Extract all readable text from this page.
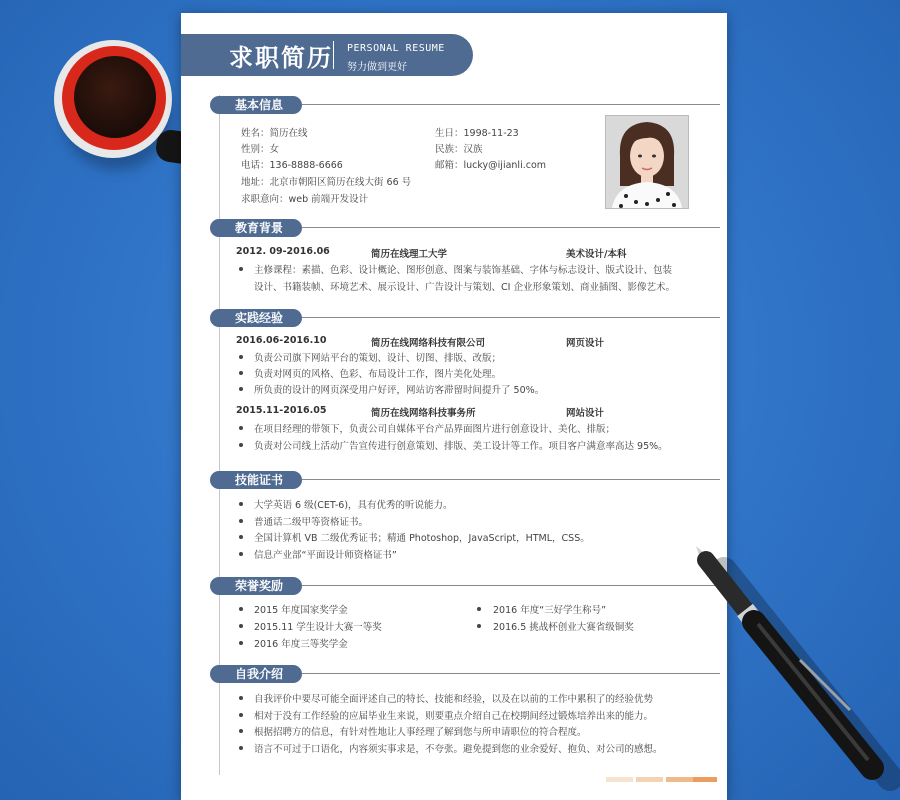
求职简历 PERSONAL RESUME
努力做到更好
基本信息
姓名：简历在线	生日：1998-11-23
性别：女	民族：汉族
电话：136-8888-6666	邮箱：lucky@ijianli.com
地址：北京市朝阳区简历在线大街 66 号
求职意向：web 前端开发设计
教育背景
2012. 09-2016.06	简历在线理工大学	美术设计/本科
主修课程：素描、色彩、设计概论、图形创意、图案与装饰基础、字体与标志设计、版式设计、包装
设计、书籍装帧、环境艺术、展示设计、广告设计与策划、CI 企业形象策划、商业插图、影像艺术。
实践经验
2016.06-2016.10	简历在线网络科技有限公司	网页设计
负责公司旗下网站平台的策划、设计、切图、排版、改版；
负责对网页的风格、色彩、布局设计工作，图片美化处理。
所负责的设计的网页深受用户好评，网站访客滞留时间提升了 50%。
2015.11-2016.05	简历在线网络科技事务所	网站设计
在项目经理的带领下，负责公司自媒体平台产品界面图片进行创意设计、美化、排版；
负责对公司线上活动广告宣传进行创意策划、排版、美工设计等工作。项目客户满意率高达 95%。
技能证书
大学英语 6 级(CET-6)，具有优秀的听说能力。
普通话二级甲等资格证书。
全国计算机 VB 二级优秀证书；精通 Photoshop，JavaScript，HTML，CSS。
信息产业部“平面设计师资格证书”
荣誉奖励
2015 年度国家奖学金
2015.11 学生设计大赛一等奖
2016 年度三等奖学金
2016 年度“三好学生称号”
2016.5 挑战杯创业大赛省级铜奖
自我介绍
自我评价中要尽可能全面评述自己的特长、技能和经验，以及在以前的工作中累积了的经验优势
相对于没有工作经验的应届毕业生来说，则要重点介绍自己在校期间经过锻炼培养出来的能力。
根据招聘方的信息，有针对性地让人事经理了解到您与所申请职位的符合程度。
语言不可过于口语化，内容须实事求是，不夸张。避免提到您的业余爱好、抱负、对公司的感想。
